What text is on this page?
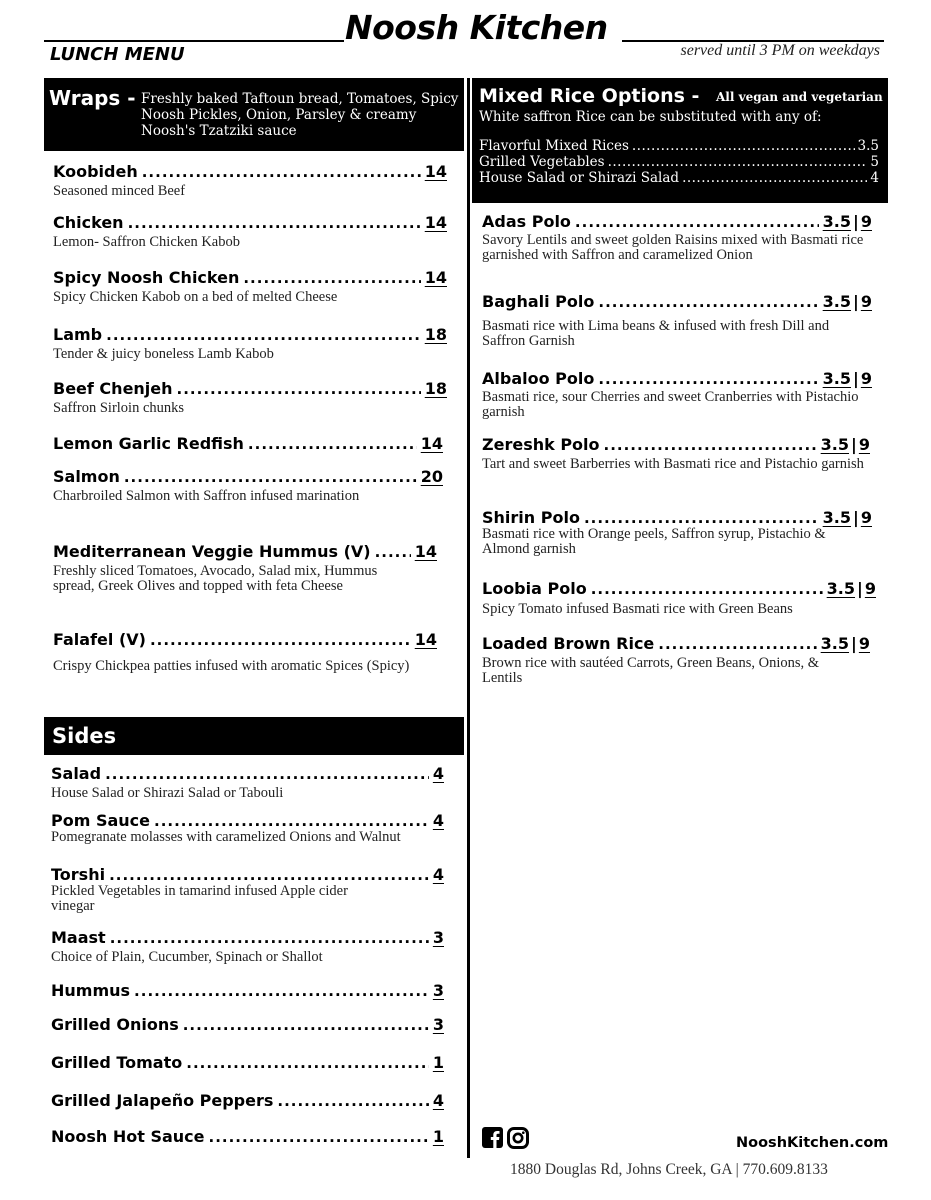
Noosh Kitchen
LUNCH MENU	served until 3 PM on weekdays
Wraps - Freshly baked Taftoun bread, Tomatoes, Spicy Noosh Pickles, Onion, Parsley & creamy Noosh's Tzatziki sauce
Koobideh .....	14
Seasoned minced Beef
Chicken .....	14
Lemon- Saffron Chicken Kabob
Spicy Noosh Chicken .....	14
Spicy Chicken Kabob on a bed of melted Cheese
Lamb .....	18
Tender & juicy boneless Lamb Kabob
Beef Chenjeh .....	18
Saffron Sirloin chunks
Lemon Garlic Redfish .....	14
Salmon .....	20
Charbroiled Salmon with Saffron infused marination
Mediterranean Veggie Hummus (V) .....	14
Freshly sliced Tomatoes, Avocado, Salad mix, Hummus spread, Greek Olives and topped with feta Cheese
Falafel (V) .....	14
Crispy Chickpea patties infused with aromatic Spices (Spicy)
Sides
Salad .....	4
House Salad or Shirazi Salad or Tabouli
Pom Sauce .....	4
Pomegranate molasses with caramelized Onions and Walnut
Torshi .....	4
Pickled Vegetables in tamarind infused Apple cider vinegar
Maast .....	3
Choice of Plain, Cucumber, Spinach or Shallot
Hummus .....	3
Grilled Onions .....	3
Grilled Tomato .....	1
Grilled Jalapeño Peppers .....	4
Noosh Hot Sauce .....	1
Mixed Rice Options - All vegan and vegetarian
White saffron Rice can be substituted with any of:
Flavorful Mixed Rices .....	3.5
Grilled Vegetables .....	5
House Salad or Shirazi Salad .....	4
Adas Polo .....	3.5 | 9
Savory Lentils and sweet golden Raisins mixed with Basmati rice garnished with Saffron and caramelized Onion
Baghali Polo .....	3.5 | 9
Basmati rice with Lima beans & infused with fresh Dill and Saffron Garnish
Albaloo Polo .....	3.5 | 9
Basmati rice, sour Cherries and sweet Cranberries with Pistachio garnish
Zereshk Polo .....	3.5 | 9
Tart and sweet Barberries with Basmati rice and Pistachio garnish
Shirin Polo .....	3.5 | 9
Basmati rice with Orange peels, Saffron syrup, Pistachio & Almond garnish
Loobia Polo .....	3.5 | 9
Spicy Tomato infused Basmati rice with Green Beans
Loaded Brown Rice .....	3.5 | 9
Brown rice with sautéed Carrots, Green Beans, Onions, & Lentils
NooshKitchen.com
1880 Douglas Rd, Johns Creek, GA | 770.609.8133
